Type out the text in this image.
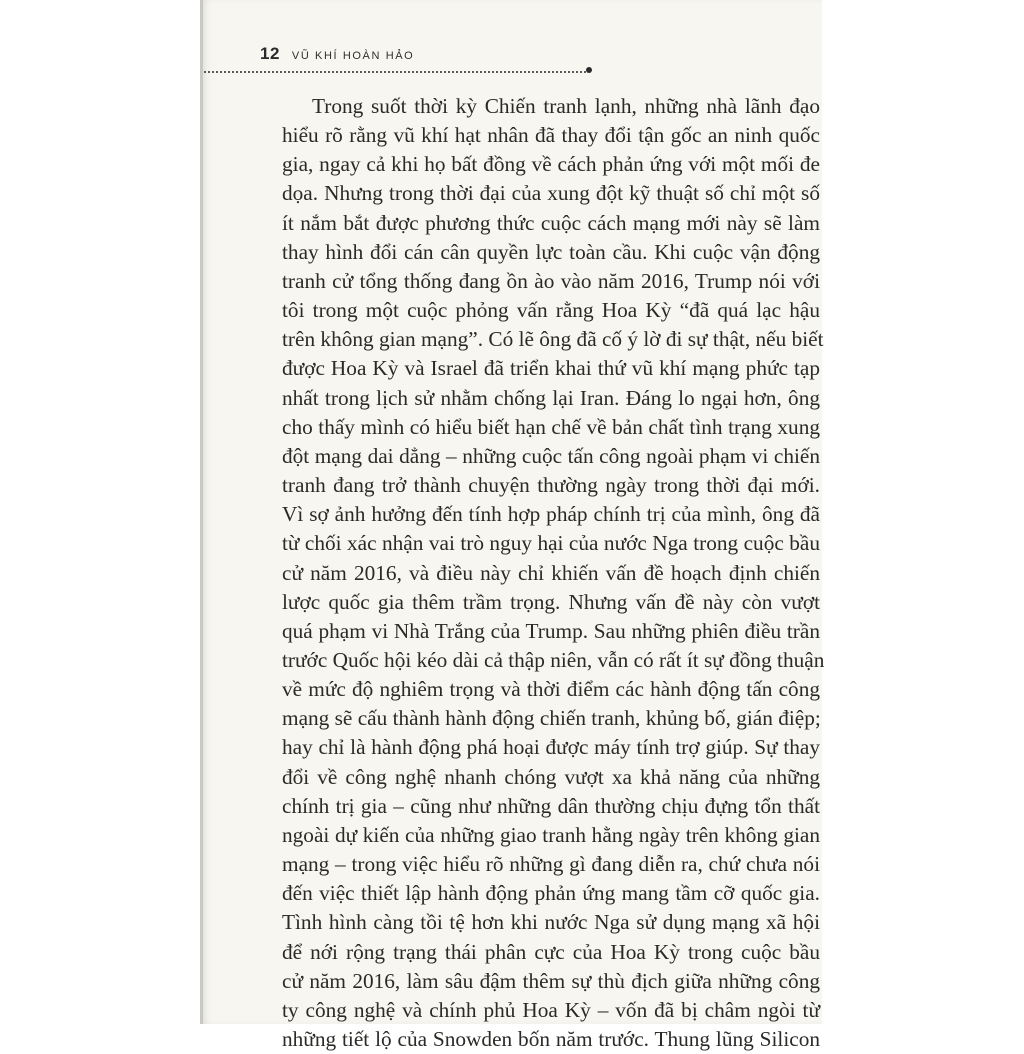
12 VŨ KHÍ HOÀN HẢO

Trong suốt thời kỳ Chiến tranh lạnh, những nhà lãnh đạo
hiểu rõ rằng vũ khí hạt nhân đã thay đổi tận gốc an ninh quốc
gia, ngay cả khi họ bất đồng về cách phản ứng với một mối đe
dọa. Nhưng trong thời đại của xung đột kỹ thuật số chỉ một số
ít nắm bắt được phương thức cuộc cách mạng mới này sẽ làm
thay hình đổi cán cân quyền lực toàn cầu. Khi cuộc vận động
tranh cử tổng thống đang ồn ào vào năm 2016, Trump nói với
tôi trong một cuộc phỏng vấn rằng Hoa Kỳ “đã quá lạc hậu
trên không gian mạng”. Có lẽ ông đã cố ý lờ đi sự thật, nếu biết
được Hoa Kỳ và Israel đã triển khai thứ vũ khí mạng phức tạp
nhất trong lịch sử nhằm chống lại Iran. Đáng lo ngại hơn, ông
cho thấy mình có hiểu biết hạn chế về bản chất tình trạng xung
đột mạng dai dẳng – những cuộc tấn công ngoài phạm vi chiến
tranh đang trở thành chuyện thường ngày trong thời đại mới.
Vì sợ ảnh hưởng đến tính hợp pháp chính trị của mình, ông đã
từ chối xác nhận vai trò nguy hại của nước Nga trong cuộc bầu
cử năm 2016, và điều này chỉ khiến vấn đề hoạch định chiến
lược quốc gia thêm trầm trọng. Nhưng vấn đề này còn vượt
quá phạm vi Nhà Trắng của Trump. Sau những phiên điều trần
trước Quốc hội kéo dài cả thập niên, vẫn có rất ít sự đồng thuận
về mức độ nghiêm trọng và thời điểm các hành động tấn công
mạng sẽ cấu thành hành động chiến tranh, khủng bố, gián điệp;
hay chỉ là hành động phá hoại được máy tính trợ giúp. Sự thay
đổi về công nghệ nhanh chóng vượt xa khả năng của những
chính trị gia – cũng như những dân thường chịu đựng tổn thất
ngoài dự kiến của những giao tranh hằng ngày trên không gian
mạng – trong việc hiểu rõ những gì đang diễn ra, chứ chưa nói
đến việc thiết lập hành động phản ứng mang tầm cỡ quốc gia.
Tình hình càng tồi tệ hơn khi nước Nga sử dụng mạng xã hội
để nới rộng trạng thái phân cực của Hoa Kỳ trong cuộc bầu
cử năm 2016, làm sâu đậm thêm sự thù địch giữa những công
ty công nghệ và chính phủ Hoa Kỳ – vốn đã bị châm ngòi từ
những tiết lộ của Snowden bốn năm trước. Thung lũng Silicon
